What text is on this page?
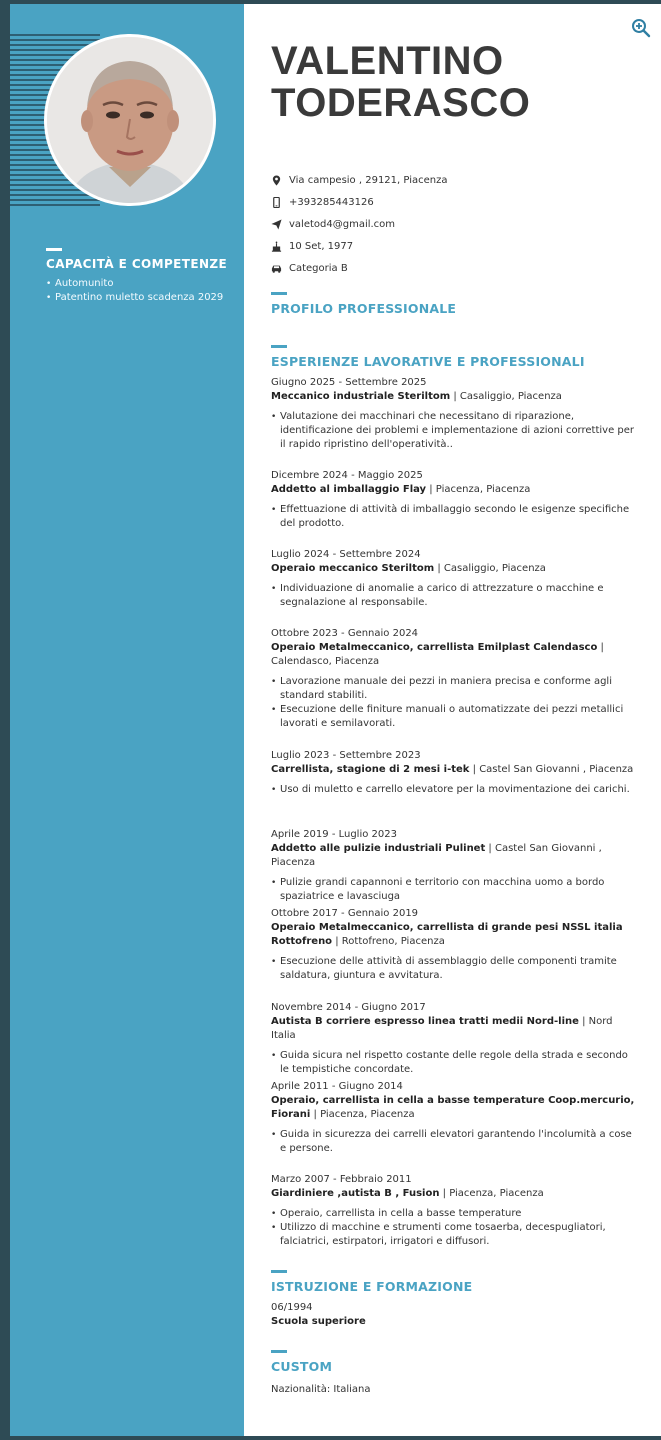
CAPACITÀ E COMPETENZE
• Automunito
• Patentino muletto scadenza 2029
VALENTINO
TODERASCO
Via campesio , 29121, Piacenza
+393285443126
valetod4@gmail.com
10 Set, 1977
Categoria B
PROFILO PROFESSIONALE
ESPERIENZE LAVORATIVE E PROFESSIONALI
Giugno 2025 - Settembre 2025
Meccanico industriale Steriltom | Casaliggio, Piacenza
• Valutazione dei macchinari che necessitano di riparazione, identificazione dei problemi e implementazione di azioni correttive per il rapido ripristino dell'operatività..
Dicembre 2024 - Maggio 2025
Addetto al imballaggio Flay | Piacenza, Piacenza
• Effettuazione di attività di imballaggio secondo le esigenze specifiche del prodotto.
Luglio 2024 - Settembre 2024
Operaio meccanico Steriltom | Casaliggio, Piacenza
• Individuazione di anomalie a carico di attrezzature o macchine e segnalazione al responsabile.
Ottobre 2023 - Gennaio 2024
Operaio Metalmeccanico, carrellista Emilplast Calendasco | Calendasco, Piacenza
• Lavorazione manuale dei pezzi in maniera precisa e conforme agli standard stabiliti.
• Esecuzione delle finiture manuali o automatizzate dei pezzi metallici lavorati e semilavorati.
Luglio 2023 - Settembre 2023
Carrellista, stagione di 2 mesi i-tek | Castel San Giovanni , Piacenza
• Uso di muletto e carrello elevatore per la movimentazione dei carichi.
Aprile 2019 - Luglio 2023
Addetto alle pulizie industriali Pulinet | Castel San Giovanni , Piacenza
• Pulizie grandi capannoni e territorio con macchina uomo a bordo spaziatrice e lavasciuga
Ottobre 2017 - Gennaio 2019
Operaio Metalmeccanico, carrellista di grande pesi NSSL italia Rottofreno | Rottofreno, Piacenza
• Esecuzione delle attività di assemblaggio delle componenti tramite saldatura, giuntura e avvitatura.
Novembre 2014 - Giugno 2017
Autista B corriere espresso linea tratti medii Nord-line | Nord Italia
• Guida sicura nel rispetto costante delle regole della strada e secondo le tempistiche concordate.
Aprile 2011 - Giugno 2014
Operaio, carrellista in cella a basse temperature Coop.mercurio, Fiorani | Piacenza, Piacenza
• Guida in sicurezza dei carrelli elevatori garantendo l'incolumità a cose e persone.
Marzo 2007 - Febbraio 2011
Giardiniere ,autista B , Fusion | Piacenza, Piacenza
• Operaio, carrellista in cella a basse temperature
• Utilizzo di macchine e strumenti come tosaerba, decespugliatori, falciatrici, estirpatori, irrigatori e diffusori.
ISTRUZIONE E FORMAZIONE
06/1994
Scuola superiore
CUSTOM
Nazionalità: Italiana
